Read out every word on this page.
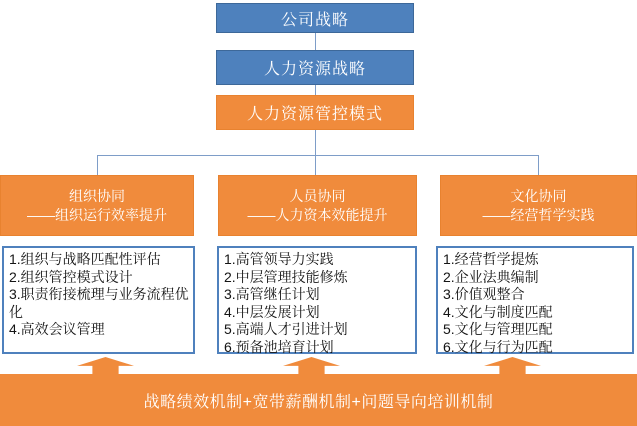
公司战略
人力资源战略
人力资源管控模式
组织协同
——组织运行效率提升
人员协同
——人力资本效能提升
文化协同
——经营哲学实践
1.组织与战略匹配性评估
2.组织管控模式设计
3.职责衔接梳理与业务流程优化
4.高效会议管理
1.高管领导力实践
2.中层管理技能修炼
3.高管继任计划
4.中层发展计划
5.高端人才引进计划
6.预备池培育计划
1.经营哲学提炼
2.企业法典编制
3.价值观整合
4.文化与制度匹配
5.文化与管理匹配
6.文化与行为匹配
战略绩效机制+宽带薪酬机制+问题导向培训机制
